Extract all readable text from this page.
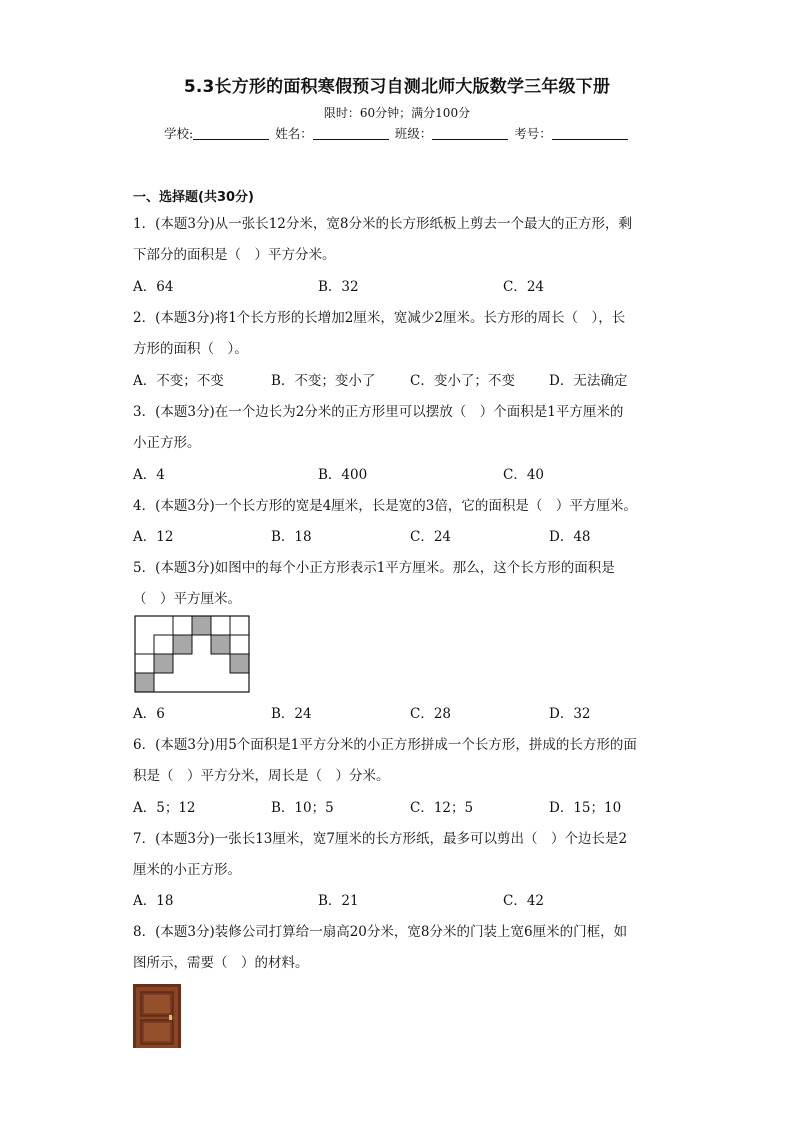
5.3长方形的面积寒假预习自测北师大版数学三年级下册
限时：60分钟；满分100分
学校:	姓名：	班级：	考号：
一、选择题(共30分)
1．(本题3分)从一张长12分米，宽8分米的长方形纸板上剪去一个最大的正方形，剩
下部分的面积是（　）平方分米。
A．64	B．32	C．24
2．(本题3分)将1个长方形的长增加2厘米，宽减少2厘米。长方形的周长（　），长
方形的面积（　）。
A．不变；不变	B．不变；变小了	C．变小了；不变	D．无法确定
3．(本题3分)在一个边长为2分米的正方形里可以摆放（　）个面积是1平方厘米的
小正方形。
A．4	B．400	C．40
4．(本题3分)一个长方形的宽是4厘米，长是宽的3倍，它的面积是（　）平方厘米。
A．12	B．18	C．24	D．48
5．(本题3分)如图中的每个小正方形表示1平方厘米。那么，这个长方形的面积是
（　）平方厘米。
A．6	B．24	C．28	D．32
6．(本题3分)用5个面积是1平方分米的小正方形拼成一个长方形，拼成的长方形的面
积是（　）平方分米，周长是（　）分米。
A．5；12	B．10；5	C．12；5	D．15；10
7．(本题3分)一张长13厘米，宽7厘米的长方形纸，最多可以剪出（　）个边长是2
厘米的小正方形。
A．18	B．21	C．42
8．(本题3分)装修公司打算给一扇高20分米，宽8分米的门装上宽6厘米的门框，如
图所示，需要（　）的材料。
